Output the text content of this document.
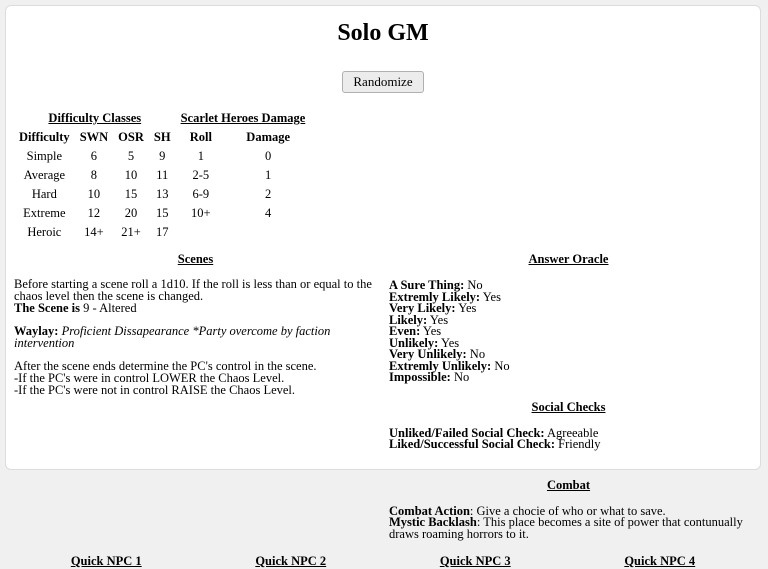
Solo GM
Randomize
Difficulty Classes				Scarlet Heroes Damage	
Difficulty	SWN	OSR	SH	Roll	Damage
Simple	6	5	9	1	0
Average	8	10	11	2-5	1
Hard	10	15	13	6-9	2
Extreme	12	20	15	10+	4
Heroic	14+	21+	17		
Scenes

Before starting a scene roll a 1d10. If the roll is less than or equal to the chaos level then the scene is changed.
The Scene is 9 - Altered

Waylay: Proficient Dissapearance *Party overcome by faction intervention

After the scene ends determine the PC's control in the scene.
-If the PC's were in control LOWER the Chaos Level.
-If the PC's were not in control RAISE the Chaos Level.

Answer Oracle
A Sure Thing: No
Extremly Likely: Yes
Very Likely: Yes
Likely: Yes
Even: Yes
Unlikely: Yes
Very Unlikely: No
Extremly Unlikely: No
Impossible: No
Social Checks
Unliked/Failed Social Check: Agreeable
Liked/Successful Social Check: Friendly
Combat
Combat Action: Give a chocie of who or what to save.
Mystic Backlash: This place becomes a site of power that contunually draws roaming horrors to it.
Quick NPC 1	Quick NPC 2	Quick NPC 3	Quick NPC 4
